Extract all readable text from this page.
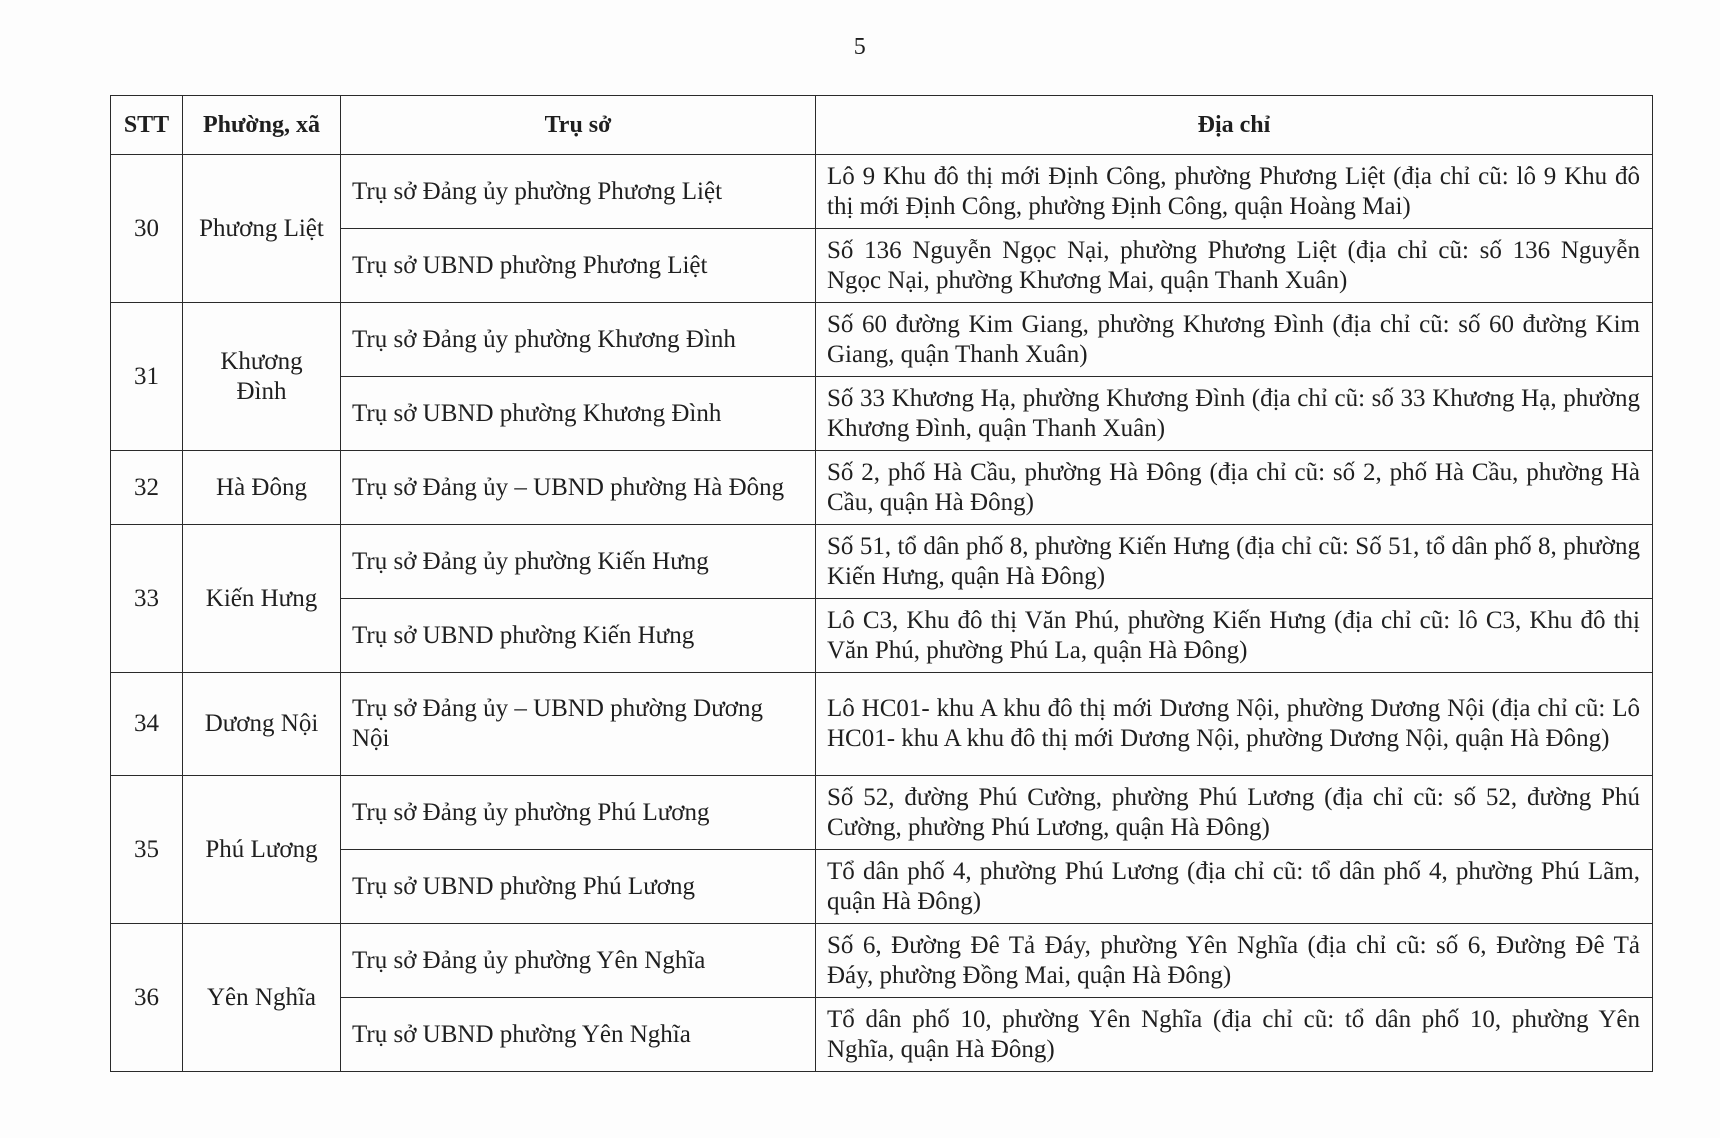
5
STT	Phường, xã	Trụ sở	Địa chỉ
30	Phương Liệt	Trụ sở Đảng ủy phường Phương Liệt	Lô 9 Khu đô thị mới Định Công, phường Phương Liệt (địa chỉ cũ: lô 9 Khu đô thị mới Định Công, phường Định Công, quận Hoàng Mai)
		Trụ sở UBND phường Phương Liệt	Số 136 Nguyễn Ngọc Nại, phường Phương Liệt (địa chỉ cũ: số 136 Nguyễn Ngọc Nại, phường Khương Mai, quận Thanh Xuân)
31	Khương Đình	Trụ sở Đảng ủy phường Khương Đình	Số 60 đường Kim Giang, phường Khương Đình (địa chỉ cũ: số 60 đường Kim Giang, quận Thanh Xuân)
		Trụ sở UBND phường Khương Đình	Số 33 Khương Hạ, phường Khương Đình (địa chỉ cũ: số 33 Khương Hạ, phường Khương Đình, quận Thanh Xuân)
32	Hà Đông	Trụ sở Đảng ủy – UBND phường Hà Đông	Số 2, phố Hà Cầu, phường Hà Đông (địa chỉ cũ: số 2, phố Hà Cầu, phường Hà Cầu, quận Hà Đông)
33	Kiến Hưng	Trụ sở Đảng ủy phường Kiến Hưng	Số 51, tổ dân phố 8, phường Kiến Hưng (địa chỉ cũ: Số 51, tổ dân phố 8, phường Kiến Hưng, quận Hà Đông)
		Trụ sở UBND phường Kiến Hưng	Lô C3, Khu đô thị Văn Phú, phường Kiến Hưng (địa chỉ cũ: lô C3, Khu đô thị Văn Phú, phường Phú La, quận Hà Đông)
34	Dương Nội	Trụ sở Đảng ủy – UBND phường Dương Nội	Lô HC01- khu A khu đô thị mới Dương Nội, phường Dương Nội (địa chỉ cũ: Lô HC01- khu A khu đô thị mới Dương Nội, phường Dương Nội, quận Hà Đông)
35	Phú Lương	Trụ sở Đảng ủy phường Phú Lương	Số 52, đường Phú Cường, phường Phú Lương (địa chỉ cũ: số 52, đường Phú Cường, phường Phú Lương, quận Hà Đông)
		Trụ sở UBND phường Phú Lương	Tổ dân phố 4, phường Phú Lương (địa chỉ cũ: tổ dân phố 4, phường Phú Lãm, quận Hà Đông)
36	Yên Nghĩa	Trụ sở Đảng ủy phường Yên Nghĩa	Số 6, Đường Đê Tả Đáy, phường Yên Nghĩa (địa chỉ cũ: số 6, Đường Đê Tả Đáy, phường Đồng Mai, quận Hà Đông)
		Trụ sở UBND phường Yên Nghĩa	Tổ dân phố 10, phường Yên Nghĩa (địa chỉ cũ: tổ dân phố 10, phường Yên Nghĩa, quận Hà Đông)
